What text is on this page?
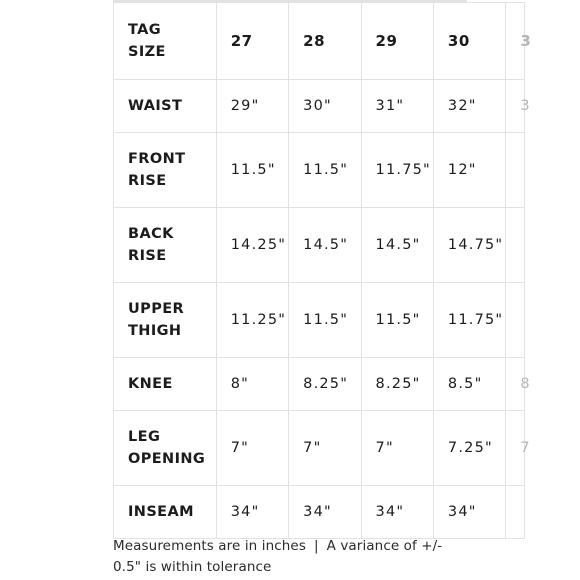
TAG
SIZE	27	28	29	30	3
WAIST	29"	30"	31"	32"	3
FRONT
RISE	11.5"	11.5"	11.75"	12"	
BACK
RISE	14.25"	14.5"	14.5"	14.75"	
UPPER
THIGH	11.25"	11.5"	11.5"	11.75"	
KNEE	8"	8.25"	8.25"	8.5"	8
LEG
OPENING	7"	7"	7"	7.25"	7
INSEAM	34"	34"	34"	34"	
Measurements are in inches | A variance of +/- 0.5" is within tolerance
